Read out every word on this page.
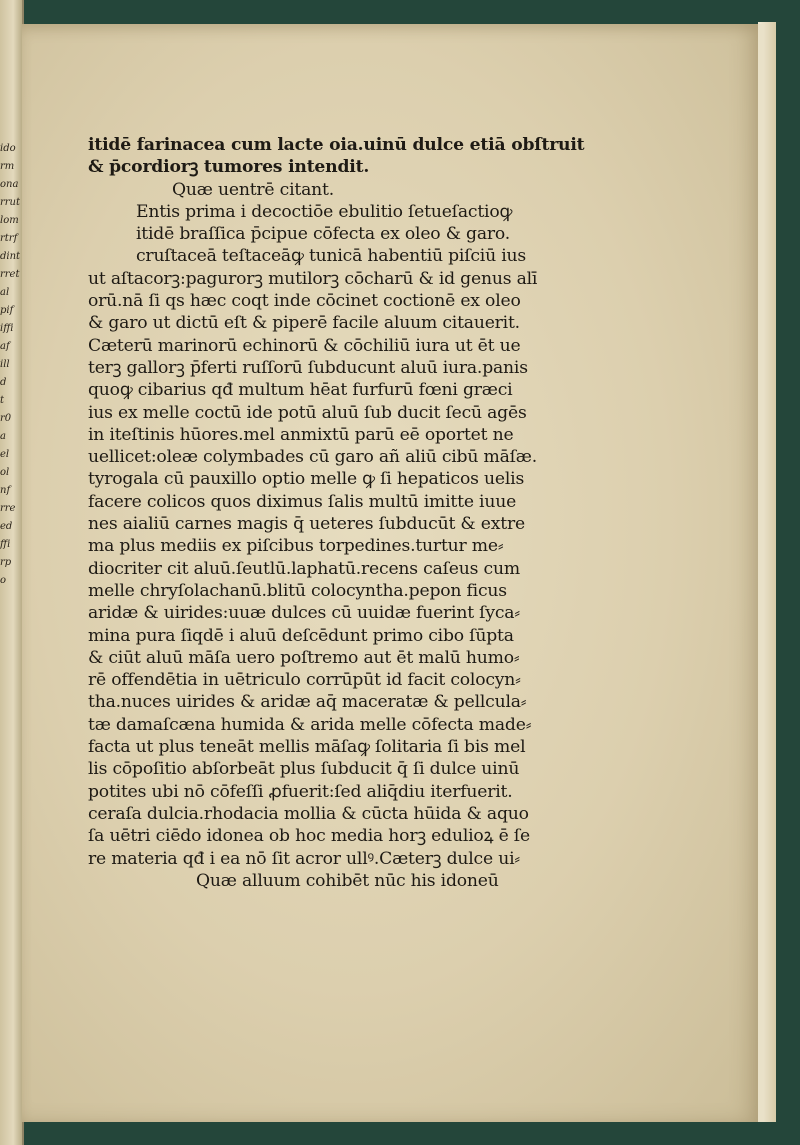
ido
rm
ona
rrut
lom
rtrf
dint
rret
al
pif
iffi
af
ill
d
t
r0
a
el
ol
nf
rre
ed
ffi
rp
o
itidē farinacea cum lacte oia.uinū dulce etiā obſtruit
& p̄cordiorꝫ tumores intendit.
Quæ uentrē citant.
Entis prima i decoctiōe ebulitio ſetueſactioꝙ
itidē braſſica p̄cipue cōfecta ex oleo & garo.
cruſtaceā teſtaceāꝙ tunicā habentiū piſciū ius
ut aſtacorꝫ:pagurorꝫ mutilorꝫ cōcharū & id genus alī
orū.nā ſi qs hæc coqt inde cōcinet coctionē ex oleo
& garo ut dictū eſt & piperē facile aluum citauerit.
Cæterū marinorū echinorū & cōchiliū iura ut ēt ue
terꝫ gallorꝫ p̄ferti ruſſorū ſubducunt aluū iura.panis
quoꝙ cibarius qđ multum hēat furfurū fœni græci
ius ex melle coctū ide potū aluū ſub ducit ſecū agēs
in iteſtinis hūores.mel anmixtū parū eē oportet ne
uellicet:oleæ colymbades cū garo añ aliū cibū māſæ.
tyrogala cū pauxillo optio melle ꝙ ſi hepaticos uelis
facere colicos quos diximus ſalis multū imitte iuue
nes aialiū carnes magis q̄ ueteres ſubducūt & extre
ma plus mediis ex piſcibus torpedines.turtur me⸗
diocriter cit aluū.ſeutlū.laphatū.recens caſeus cum
melle chryſolachanū.blitū colocyntha.pepon ficus
aridæ & uirides:uuæ dulces cū uuidæ fuerint ſyca⸗
mina pura ſiqdē i aluū deſcēdunt primo cibo ſūpta
& ciūt aluū māſa uero poſtremo aut ēt malū humo⸗
rē offendētia in uētriculo corrūpūt id facit colocyn⸗
tha.nuces uirides & aridæ aq̄ maceratæ & pellcula⸗
tæ damaſcæna humida & arida melle cōfecta made⸗
facta ut plus teneāt mellis māſaꝙ ſolitaria ſi bis mel
lis cōpoſitio abſorbeāt plus ſubducit q̄ ſi dulce uinū
potites ubi nō cōfeſſi ꝓfuerit:ſed aliq̄diu iterfuerit.
ceraſa dulcia.rhodacia mollia & cūcta hūida & aquo
ſa uētri ciēdo idonea ob hoc media horꝫ edulioꝝ ē ſe
re materia qđ i ea nō ſit acror ullꝰ.Cæterꝫ dulce ui⸗
Quæ alluum cohibēt nūc his idoneū
